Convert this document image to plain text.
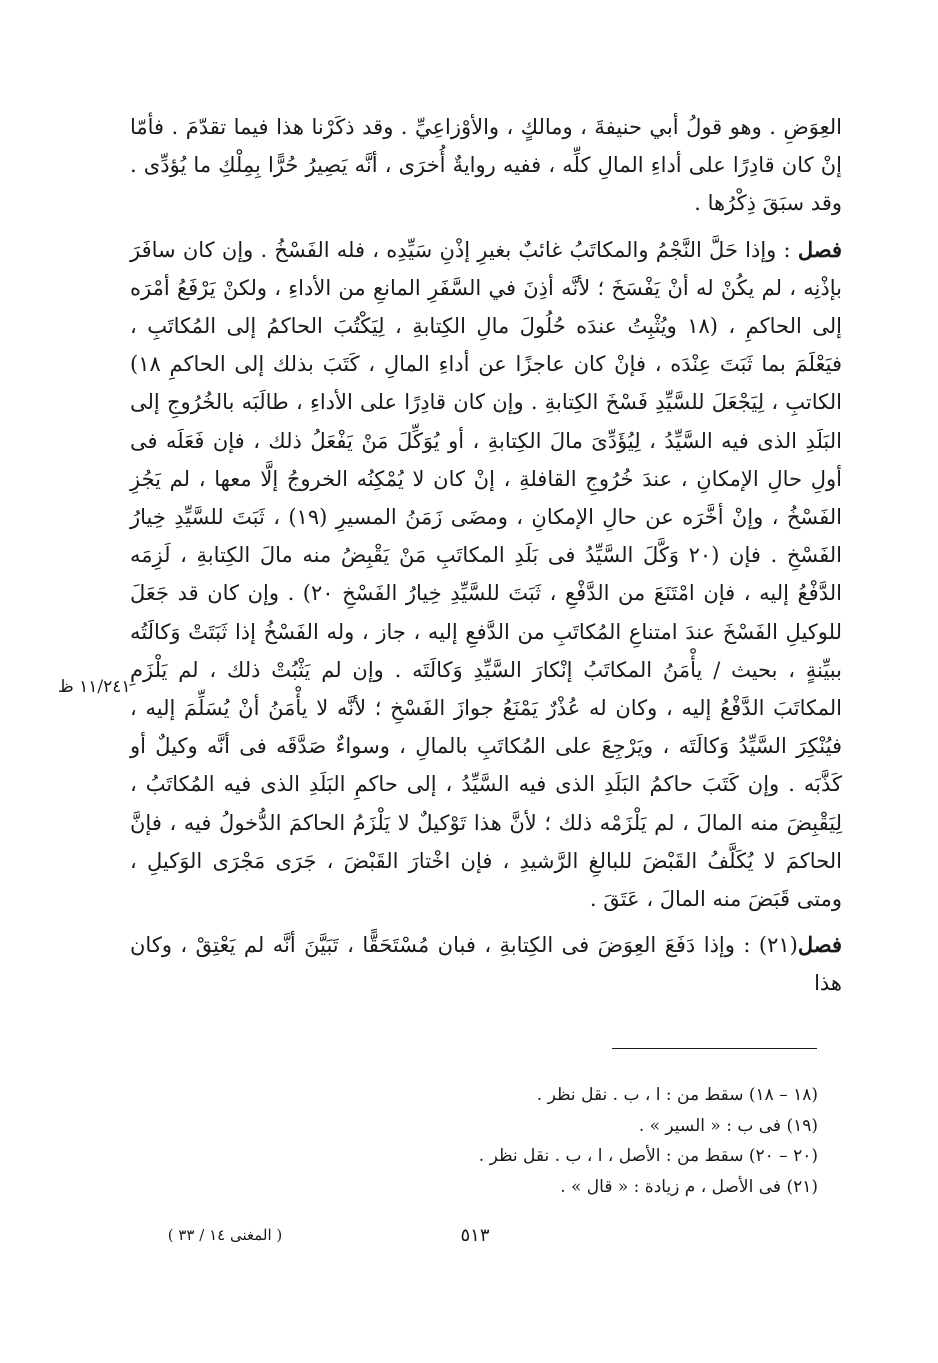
العِوَضِ . وهو قولُ أبي حنيفةَ ، ومالكٍ ، والأوْزاعِيِّ . وقد ذكَرْنا هذا فيما تقدّمَ . فأمّا إنْ كان قادِرًا على أداءِ المالِ كلِّه ، ففيه روايةٌ أُخرَى ، أنَّه يَصِيرُ حُرًّا بِمِلْكِ ما يُؤدِّى . وقد سبَقَ ذِكْرُها .

فصل : وإذا حَلَّ النَّجْمُ والمكاتَبُ غائبٌ بغيرِ إذْنِ سَيِّدِه ، فله الفَسْخُ . وإن كان سافَرَ بإذْنِه ، لم يكُنْ له أنْ يَفْسَخَ ؛ لأنَّه أذِنَ في السَّفَرِ المانعِ من الأداءِ ، ولكنْ يَرْفَعُ أمْرَه إلى الحاكمِ ، (١٨ ويُثْبِتُ عندَه حُلُولَ مالِ الكِتابةِ ، لِيَكْتُبَ الحاكمُ إلى المُكاتَبِ ، فيَعْلَمَ بما ثَبَتَ عِنْدَه ، فإنْ كان عاجزًا عن أداءِ المالِ ، كَتَبَ بذلك إلى الحاكمِ ١٨) الكاتبِ ، لِيَجْعَلَ للسَّيِّدِ فَسْخَ الكِتابةِ . وإن كان قادِرًا على الأداءِ ، طالَبَه بالخُرُوجِ إلى البَلَدِ الذى فيه السَّيِّدُ ، لِيُؤَدِّىَ مالَ الكِتابةِ ، أو يُوَكِّلَ مَنْ يَفْعَلُ ذلك ، فإن فَعَلَه فى أولِ حالِ الإمكانِ ، عندَ خُرُوجِ القافلةِ ، إنْ كان لا يُمْكِنُه الخروجُ إلَّا معها ، لم يَجُزِ الفَسْخُ ، وإنْ أخَّرَه عن حالِ الإمكانِ ، ومضَى زَمَنُ المسيرِ (١٩) ، ثَبَتَ للسَّيِّدِ خِيارُ الفَسْخِ . فإن (٢٠ وَكَّلَ السَّيِّدُ فى بَلَدِ المكاتَبِ مَنْ يَقْبِضُ منه مالَ الكِتابةِ ، لَزِمَه الدَّفْعُ إليه ، فإن امْتَنَعَ من الدَّفْعِ ، ثَبَتَ للسَّيِّدِ خِيارُ الفَسْخِ ٢٠) . وإن كان قد جَعَلَ للوكيلِ الفَسْخَ عندَ امتناعِ المُكاتَبِ من الدَّفعِ إليه ، جاز ، وله الفَسْخُ إذا ثَبَتَتْ وَكالَتُه ببيِّنةٍ ، بحيث / يأْمَنُ المكاتَبُ إنْكارَ السَّيِّدِ وَكالَتَه . وإن لم يَثْبُتْ ذلك ، لم يَلْزَمِ المكاتَبَ الدَّفْعُ إليه ، وكان له عُذْرٌ يَمْنَعُ جوازَ الفَسْخِ ؛ لأنَّه لا يأْمَنُ أنْ يُسَلِّمَ إليه ، فيُنْكِرَ السَّيِّدُ وَكالَتَه ، ويَرْجِعَ على المُكاتَبِ بالمالِ ، وسواءٌ صَدَّقَه فى أنَّه وكيلٌ أو كَذَّبَه . وإن كَتَبَ حاكمُ البَلَدِ الذى فيه السَّيِّدُ ، إلى حاكمِ البَلَدِ الذى فيه المُكاتَبُ ، لِيَقْبِضَ منه المالَ ، لم يَلْزَمْه ذلك ؛ لأنَّ هذا تَوْكيلٌ لا يَلْزَمُ الحاكمَ الدُّخولُ فيه ، فإنَّ الحاكمَ لا يُكَلَّفُ القَبْضَ للبالغِ الرَّشيدِ ، فإن اخْتارَ القَبْضَ ، جَرَى مَجْرَى الوَكيلِ ، ومتى قَبَضَ منه المالَ ، عَتَقَ .

فصل(٢١) : وإذا دَفَعَ العِوَضَ فى الكِتابةِ ، فبان مُسْتَحَقًّا ، تَبَيَّنَ أنَّه لم يَعْتِقْ ، وكان هذا

١١/٢٤١ ظ

(١٨ – ١٨) سقط من : ا ، ب . نقل نظر .

(١٩) فى ب : « السير » .

(٢٠ – ٢٠) سقط من : الأصل ، ا ، ب . نقل نظر .

(٢١) فى الأصل ، م زيادة : « قال » .

٥١٣
( المغنى ١٤ / ٣٣ )
